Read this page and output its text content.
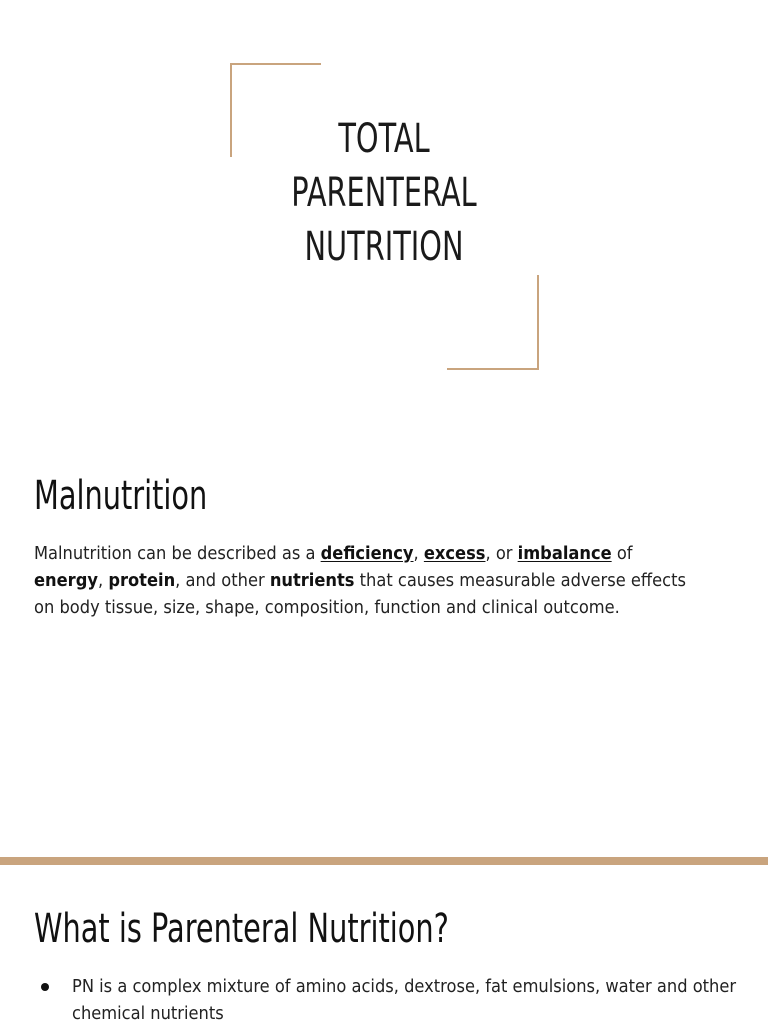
TOTAL
PARENTERAL
NUTRITION
Malnutrition
Malnutrition can be described as a deficiency, excess, or imbalance of energy, protein, and other nutrients that causes measurable adverse effects on body tissue, size, shape, composition, function and clinical outcome.
What is Parenteral Nutrition?
PN is a complex mixture of amino acids, dextrose, fat emulsions, water and other chemical nutrients
